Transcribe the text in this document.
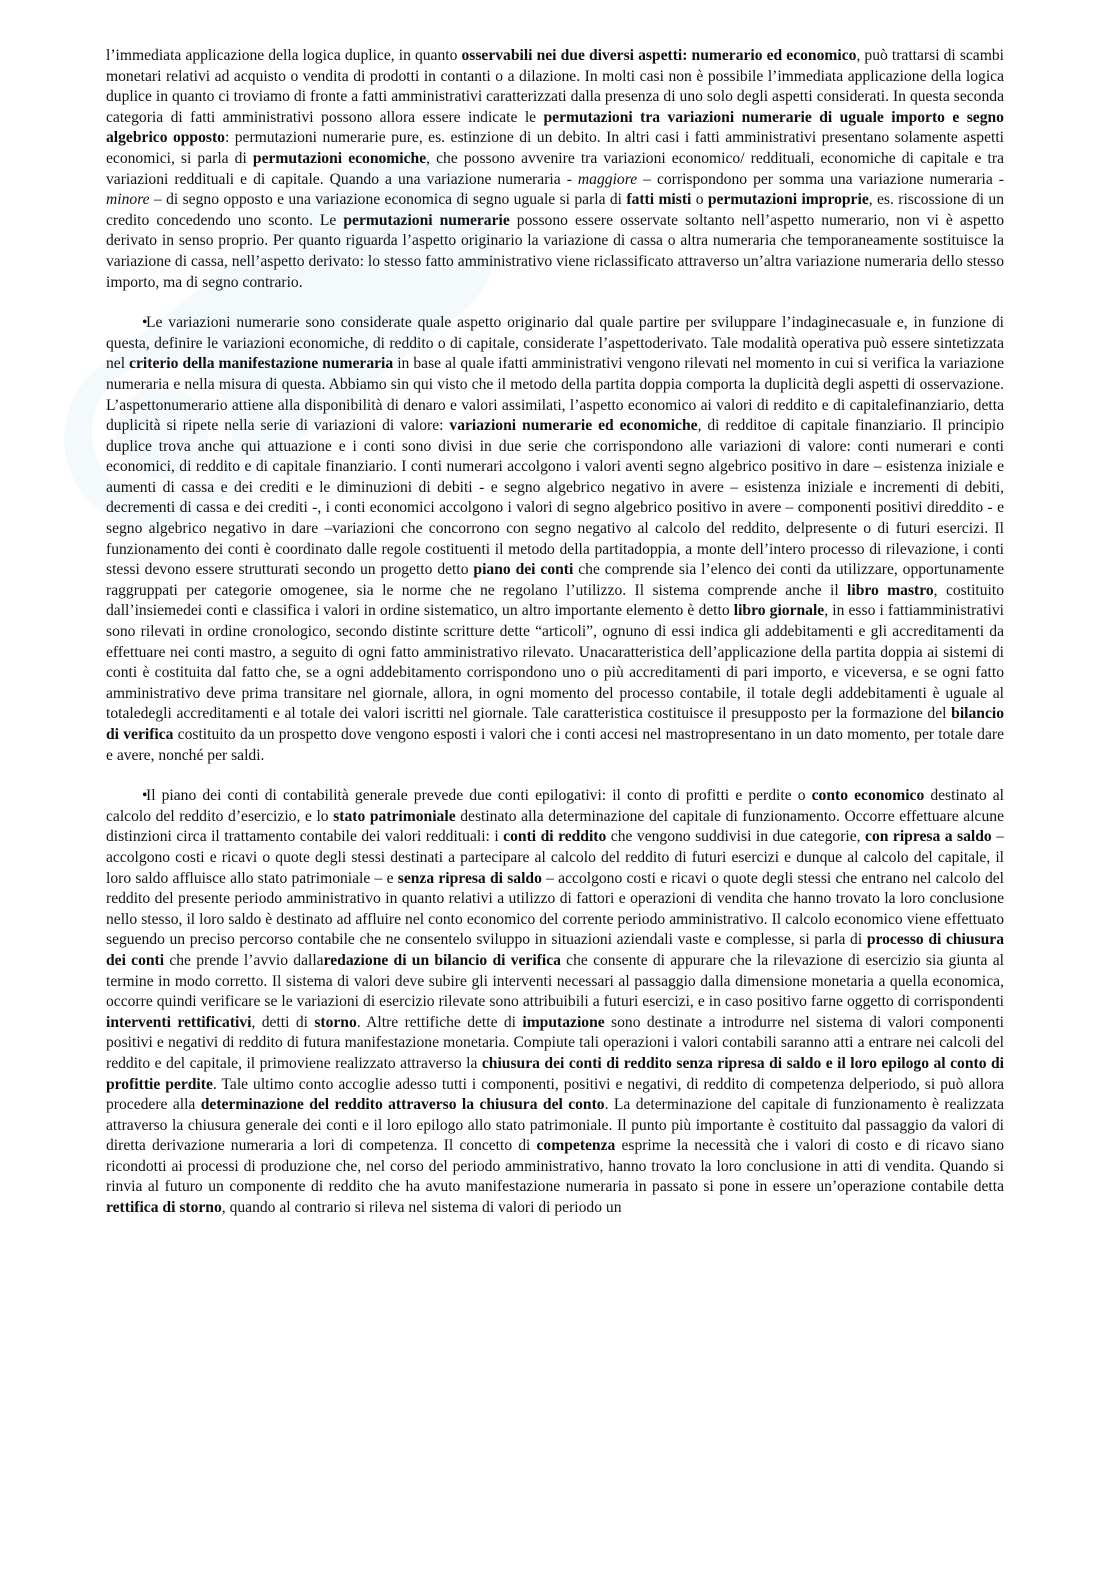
l’immediata applicazione della logica duplice, in quanto osservabili nei due diversi aspetti: numerario ed economico, può trattarsi di scambi monetari relativi ad acquisto o vendita di prodotti in contanti o a dilazione. In molti casi non è possibile l’immediata applicazione della logica duplice in quanto ci troviamo di fronte a fatti amministrativi caratterizzati dalla presenza di uno solo degli aspetti considerati. In questa seconda categoria di fatti amministrativi possono allora essere indicate le permutazioni tra variazioni numerarie di uguale importo e segno algebrico opposto: permutazioni numerarie pure, es. estinzione di un debito. In altri casi i fatti amministrativi presentano solamente aspetti economici, si parla di permutazioni economiche, che possono avvenire tra variazioni economico/ reddituali, economiche di capitale e tra variazioni reddituali e di capitale. Quando a una variazione numeraria - maggiore – corrispondono per somma una variazione numeraria - minore – di segno opposto e una variazione economica di segno uguale si parla di fatti misti o permutazioni improprie, es. riscossione di un credito concedendo uno sconto. Le permutazioni numerarie possono essere osservate soltanto nell’aspetto numerario, non vi è aspetto derivato in senso proprio. Per quanto riguarda l’aspetto originario la variazione di cassa o altra numeraria che temporaneamente sostituisce la variazione di cassa, nell’aspetto derivato: lo stesso fatto amministrativo viene riclassificato attraverso un’altra variazione numeraria dello stesso importo, ma di segno contrario.

•Le variazioni numerarie sono considerate quale aspetto originario dal quale partire per sviluppare l’indaginecasuale e, in funzione di questa, definire le variazioni economiche, di reddito o di capitale, considerate l’aspettoderivato. Tale modalità operativa può essere sintetizzata nel criterio della manifestazione numeraria in base al quale ifatti amministrativi vengono rilevati nel momento in cui si verifica la variazione numeraria e nella misura di questa. Abbiamo sin qui visto che il metodo della partita doppia comporta la duplicità degli aspetti di osservazione. L’aspettonumerario attiene alla disponibilità di denaro e valori assimilati, l’aspetto economico ai valori di reddito e di capitalefinanziario, detta duplicità si ripete nella serie di variazioni di valore: variazioni numerarie ed economiche, di redditoe di capitale finanziario. Il principio duplice trova anche qui attuazione e i conti sono divisi in due serie che corrispondono alle variazioni di valore: conti numerari e conti economici, di reddito e di capitale finanziario. I conti numerari accolgono i valori aventi segno algebrico positivo in dare – esistenza iniziale e aumenti di cassa e dei crediti e le diminuzioni di debiti - e segno algebrico negativo in avere – esistenza iniziale e incrementi di debiti, decrementi di cassa e dei crediti -, i conti economici accolgono i valori di segno algebrico positivo in avere – componenti positivi direddito - e segno algebrico negativo in dare –variazioni che concorrono con segno negativo al calcolo del reddito, delpresente o di futuri esercizi. Il funzionamento dei conti è coordinato dalle regole costituenti il metodo della partitadoppia, a monte dell’intero processo di rilevazione, i conti stessi devono essere strutturati secondo un progetto detto piano dei conti che comprende sia l’elenco dei conti da utilizzare, opportunamente raggruppati per categorie omogenee, sia le norme che ne regolano l’utilizzo. Il sistema comprende anche il libro mastro, costituito dall’insiemedei conti e classifica i valori in ordine sistematico, un altro importante elemento è detto libro giornale, in esso i fattiamministrativi sono rilevati in ordine cronologico, secondo distinte scritture dette “articoli”, ognuno di essi indica gli addebitamenti e gli accreditamenti da effettuare nei conti mastro, a seguito di ogni fatto amministrativo rilevato. Unacaratteristica dell’applicazione della partita doppia ai sistemi di conti è costituita dal fatto che, se a ogni addebitamento corrispondono uno o più accreditamenti di pari importo, e viceversa, e se ogni fatto amministrativo deve prima transitare nel giornale, allora, in ogni momento del processo contabile, il totale degli addebitamenti è uguale al totaledegli accreditamenti e al totale dei valori iscritti nel giornale. Tale caratteristica costituisce il presupposto per la formazione del bilancio di verifica costituito da un prospetto dove vengono esposti i valori che i conti accesi nel mastropresentano in un dato momento, per totale dare e avere, nonché per saldi.

•Il piano dei conti di contabilità generale prevede due conti epilogativi: il conto di profitti e perdite o conto economico destinato al calcolo del reddito d’esercizio, e lo stato patrimoniale destinato alla determinazione del capitale di funzionamento. Occorre effettuare alcune distinzioni circa il trattamento contabile dei valori reddituali: i conti di reddito che vengono suddivisi in due categorie, con ripresa a saldo – accolgono costi e ricavi o quote degli stessi destinati a partecipare al calcolo del reddito di futuri esercizi e dunque al calcolo del capitale, il loro saldo affluisce allo stato patrimoniale – e senza ripresa di saldo – accolgono costi e ricavi o quote degli stessi che entrano nel calcolo del reddito del presente periodo amministrativo in quanto relativi a utilizzo di fattori e operazioni di vendita che hanno trovato la loro conclusione nello stesso, il loro saldo è destinato ad affluire nel conto economico del corrente periodo amministrativo. Il calcolo economico viene effettuato seguendo un preciso percorso contabile che ne consentelo sviluppo in situazioni aziendali vaste e complesse, si parla di processo di chiusura dei conti che prende l’avvio dallaredazione di un bilancio di verifica che consente di appurare che la rilevazione di esercizio sia giunta al termine in modo corretto. Il sistema di valori deve subire gli interventi necessari al passaggio dalla dimensione monetaria a quella economica, occorre quindi verificare se le variazioni di esercizio rilevate sono attribuibili a futuri esercizi, e in caso positivo farne oggetto di corrispondenti interventi rettificativi, detti di storno. Altre rettifiche dette di imputazione sono destinate a introdurre nel sistema di valori componenti positivi e negativi di reddito di futura manifestazione monetaria. Compiute tali operazioni i valori contabili saranno atti a entrare nei calcoli del reddito e del capitale, il primoviene realizzato attraverso la chiusura dei conti di reddito senza ripresa di saldo e il loro epilogo al conto di profittie perdite. Tale ultimo conto accoglie adesso tutti i componenti, positivi e negativi, di reddito di competenza delperiodo, si può allora procedere alla determinazione del reddito attraverso la chiusura del conto. La determinazione del capitale di funzionamento è realizzata attraverso la chiusura generale dei conti e il loro epilogo allo stato patrimoniale. Il punto più importante è costituito dal passaggio da valori di diretta derivazione numeraria a lori di competenza. Il concetto di competenza esprime la necessità che i valori di costo e di ricavo siano ricondotti ai processi di produzione che, nel corso del periodo amministrativo, hanno trovato la loro conclusione in atti di vendita. Quando si rinvia al futuro un componente di reddito che ha avuto manifestazione numeraria in passato si pone in essere un’operazione contabile detta rettifica di storno, quando al contrario si rileva nel sistema di valori di periodo un
